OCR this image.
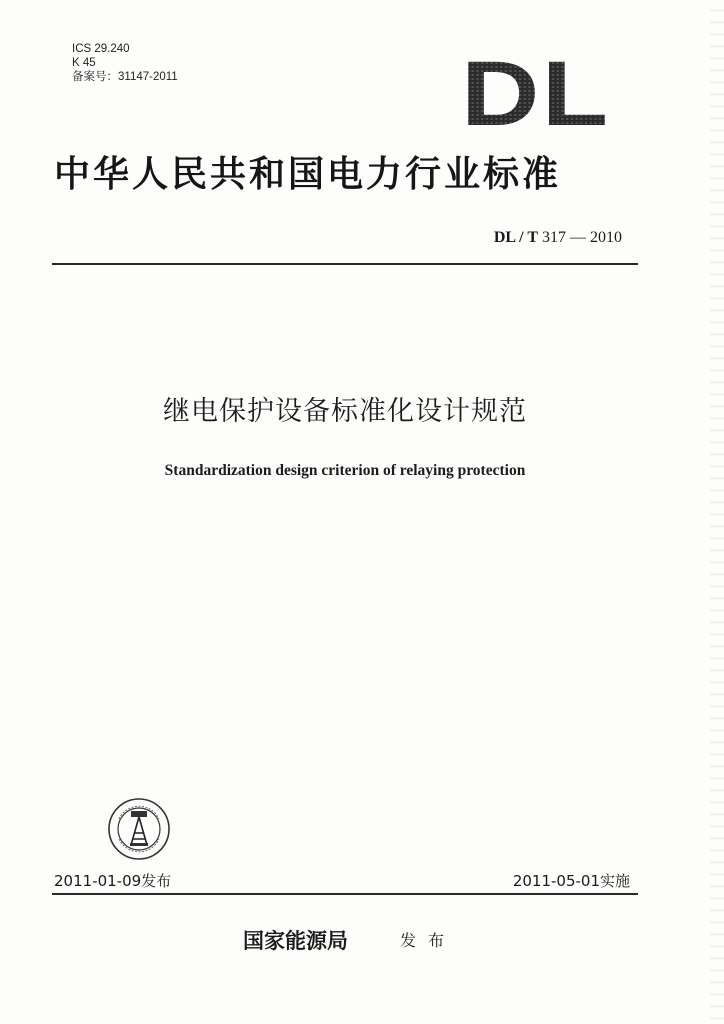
ICS 29.240
K 45
备案号：31147-2011	DL
中华人民共和国电力行业标准
DL / T 317 — 2010
继电保护设备标准化设计规范
Standardization design criterion of relaying protection
2011-01-09发布	2011-05-01实施
国家能源局	发布
